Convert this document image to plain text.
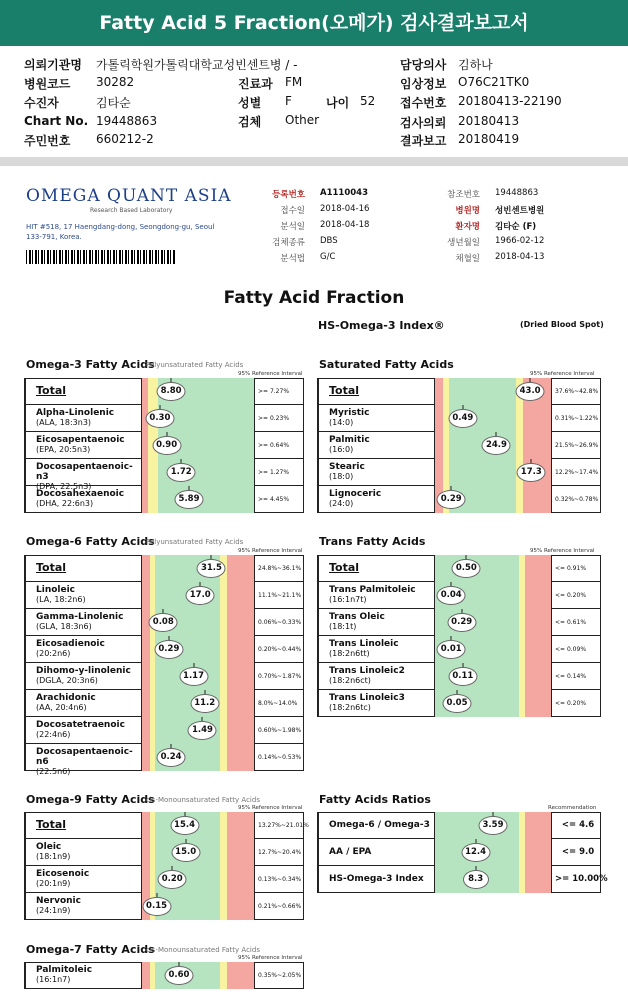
Fatty Acid 5 Fraction(오메가) 검사결과보고서
의뢰기관명 가톨릭학원가톨릭대학교성빈센트병 / -	담당의사 김하나
병원코드 30282	진료과 FM	임상정보 O76C21TK0
수진자	김타순	성별 F	나이 52 접수번호 20180413-22190
Chart No. 19448863	검체 Other	검사의뢰 20180413
주민번호 660212-2	결과보고 20180419
OMEGA QUANT ASIA
Research Based Laboratory
HIT #518, 17 Haengdang-dong, Seongdong-gu, Seoul 133-791, Korea.
등록번호 A1110043
접수일 2018-04-16
분석일 2018-04-18
검체종류 DBS
분석법 G/C
참조번호 19448863
병원명 성빈센트병원
환자명 김타순 (F)
생년월일 1966-02-12
채혈일 2018-04-13
Fatty Acid Fraction
HS-Omega-3 Index®	(Dried Blood Spot)
Omega-3 Fatty Acids
Polyunsaturated Fatty Acids
95% Reference Interval
Saturated Fatty Acids
95% Reference Interval
Omega-6 Fatty Acids
Polyunsaturated Fatty Acids
95% Reference Interval
Trans Fatty Acids
95% Reference Interval
Omega-9 Fatty Acids
cis-Monounsaturated Fatty Acids
95% Reference Interval
Fatty Acids Ratios
Recommendation
Omega-7 Fatty Acids
cis-Monounsaturated Fatty Acids
95% Reference Interval
Total	8.80	>= 7.27%
Alpha-Linolenic
(ALA, 18:3n3)	0.30	>= 0.23%
Eicosapentaenoic
(EPA, 20:5n3)	0.90	>= 0.64%
Docosapentaenoic-n3
(DPA, 22:5n3)
1.72	>= 1.27%
Docosahexaenoic
(DHA, 22:6n3)	5.89	>= 4.45%
Total	43.0	37.6%~42.8%
Myristic
(14:0)	0.49	0.31%~1.22%
Palmitic
(16:0)	24.9	21.5%~26.9%
Stearic
(18:0)	17.3	12.2%~17.4%
Lignoceric
(24:0)	0.29	0.32%~0.78%
Total	31.5	24.8%~36.1%
Linoleic
(LA, 18:2n6)	17.0	11.1%~21.1%
Gamma-Linolenic
(GLA, 18:3n6)	0.08	0.06%~0.33%
Eicosadienoic
(20:2n6)	0.29	0.20%~0.44%
Dihomo-y-linolenic
(DGLA, 20:3n6)	1.17	0.70%~1.87%
Arachidonic
(AA, 20:4n6)	11.2	8.0%~14.0%
Docosatetraenoic
(22:4n6)	1.49	0.60%~1.98%
Docosapentaenoic-n6
(22:5n6)
0.24	0.14%~0.53%
Total	0.50	<= 0.91%
Trans Palmitoleic
(16:1n7t)	0.04	<= 0.20%
Trans Oleic
(18:1t)	0.29	<= 0.61%
Trans Linoleic
(18:2n6tt)	0.01	<= 0.09%
Trans Linoleic2
(18:2n6ct)	0.11	<= 0.14%
Trans Linoleic3
(18:2n6tc)	0.05	<= 0.20%
Total	15.4	13.27%~21.01%
Oleic
(18:1n9)	15.0	12.7%~20.4%
Eicosenoic
(20:1n9)	0.20	0.13%~0.34%
Nervonic
(24:1n9)	0.15	0.21%~0.66%
Omega-6 / Omega-3	3.59	<= 4.6
AA / EPA	12.4	<= 9.0
HS-Omega-3 Index	8.3	>= 10.00%
Palmitoleic
(16:1n7)	0.60	0.35%~2.05%
